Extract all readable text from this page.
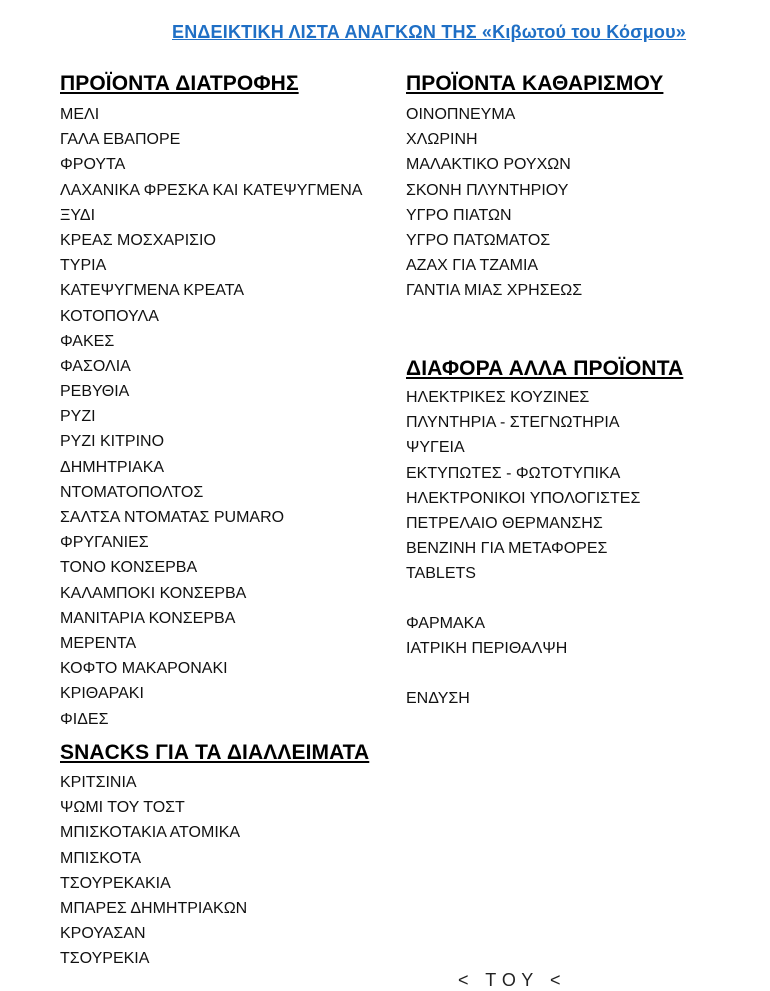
ΕΝΔΕΙΚΤΙΚΗ ΛΙΣΤΑ ΑΝΑΓΚΩΝ ΤΗΣ «Κιβωτού του Κόσμου»
ΠΡΟΪΟΝΤΑ ΔΙΑΤΡΟΦΗΣ
ΜΕΛΙ
ΓΑΛΑ ΕΒΑΠΟΡΕ
ΦΡΟΥΤΑ
ΛΑΧΑΝΙΚΑ ΦΡΕΣΚΑ ΚΑΙ ΚΑΤΕΨΥΓΜΕΝΑ
ΞΥΔΙ
ΚΡΕΑΣ ΜΟΣΧΑΡΙΣΙΟ
ΤΥΡΙΑ
ΚΑΤΕΨΥΓΜΕΝΑ ΚΡΕΑΤΑ
ΚΟΤΟΠΟΥΛΑ
ΦΑΚΕΣ
ΦΑΣΟΛΙΑ
ΡΕΒΥΘΙΑ
ΡΥΖΙ
ΡΥΖΙ ΚΙΤΡΙΝΟ
ΔΗΜΗΤΡΙΑΚΑ
ΝΤΟΜΑΤΟΠΟΛΤΟΣ
ΣΑΛΤΣΑ ΝΤΟΜΑΤΑΣ PUMARO
ΦΡΥΓΑΝΙΕΣ
ΤΟΝΟ ΚΟΝΣΕΡΒΑ
ΚΑΛΑΜΠΟΚΙ ΚΟΝΣΕΡΒΑ
ΜΑΝΙΤΑΡΙΑ ΚΟΝΣΕΡΒΑ
ΜΕΡΕΝΤΑ
ΚΟΦΤΟ ΜΑΚΑΡΟΝΑΚΙ
ΚΡΙΘΑΡΑΚΙ
ΦΙΔΕΣ
SNACKS ΓΙΑ ΤΑ ΔΙΑΛΛΕΙΜΑΤΑ
ΚΡΙΤΣΙΝΙΑ
ΨΩΜΙ ΤΟΥ ΤΟΣΤ
ΜΠΙΣΚΟΤΑΚΙΑ ΑΤΟΜΙΚΑ
ΜΠΙΣΚΟΤΑ
ΤΣΟΥΡΕΚΑΚΙΑ
ΜΠΑΡΕΣ ΔΗΜΗΤΡΙΑΚΩΝ
ΚΡΟΥΑΣΑΝ
ΤΣΟΥΡΕΚΙΑ
ΠΡΟΪΟΝΤΑ ΚΑΘΑΡΙΣΜΟΥ
ΟΙΝΟΠΝΕΥΜΑ
ΧΛΩΡΙΝΗ
ΜΑΛΑΚΤΙΚΟ ΡΟΥΧΩΝ
ΣΚΟΝΗ ΠΛΥΝΤΗΡΙΟΥ
ΥΓΡΟ ΠΙΑΤΩΝ
ΥΓΡΟ ΠΑΤΩΜΑΤΟΣ
ΑΖΑΧ ΓΙΑ ΤΖΑΜΙΑ
ΓΑΝΤΙΑ ΜΙΑΣ ΧΡΗΣΕΩΣ
ΔΙΑΦΟΡΑ ΑΛΛΑ ΠΡΟΪΟΝΤΑ
ΗΛΕΚΤΡΙΚΕΣ ΚΟΥΖΙΝΕΣ
ΠΛΥΝΤΗΡΙΑ - ΣΤΕΓΝΩΤΗΡΙΑ
ΨΥΓΕΙΑ
ΕΚΤΥΠΩΤΕΣ - ΦΩΤΟΤΥΠΙΚΑ
ΗΛΕΚΤΡΟΝΙΚΟΙ ΥΠΟΛΟΓΙΣΤΕΣ
ΠΕΤΡΕΛΑΙΟ ΘΕΡΜΑΝΣΗΣ
ΒΕΝΖΙΝΗ ΓΙΑ ΜΕΤΑΦΟΡΕΣ
TABLETS
ΦΑΡΜΑΚΑ
ΙΑΤΡΙΚΗ ΠΕΡΙΘΑΛΨΗ
ΕΝΔΥΣΗ
< ΤΟΥ <
